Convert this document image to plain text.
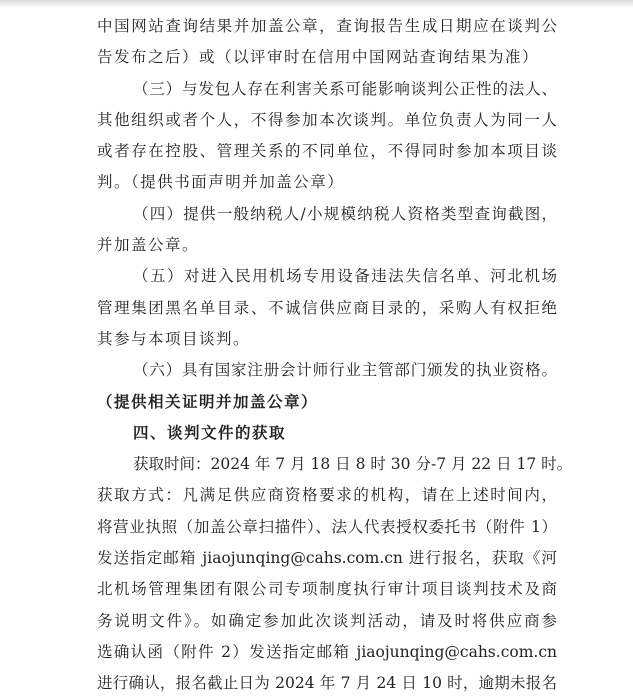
中国网站查询结果并加盖公章，查询报告生成日期应在谈判公
告发布之后）或（以评审时在信用中国网站查询结果为准）
（三）与发包人存在利害关系可能影响谈判公正性的法人、
其他组织或者个人，不得参加本次谈判。单位负责人为同一人
或者存在控股、管理关系的不同单位，不得同时参加本项目谈
判。（提供书面声明并加盖公章）
（四）提供一般纳税人/小规模纳税人资格类型查询截图，
并加盖公章。
（五）对进入民用机场专用设备违法失信名单、河北机场
管理集团黑名单目录、不诚信供应商目录的，采购人有权拒绝
其参与本项目谈判。
（六）具有国家注册会计师行业主管部门颁发的执业资格。
（提供相关证明并加盖公章）
四、谈判文件的获取
获取时间：2024 年 7 月 18 日 8 时 30 分-7 月 22 日 17 时。
获取方式：凡满足供应商资格要求的机构，请在上述时间内，
将营业执照（加盖公章扫描件）、法人代表授权委托书（附件 1）
发送指定邮箱 jiaojunqing@cahs.com.cn 进行报名，获取《河
北机场管理集团有限公司专项制度执行审计项目谈判技术及商
务说明文件》。如确定参加此次谈判活动，请及时将供应商参
选确认函（附件 2）发送指定邮箱 jiaojunqing@cahs.com.cn
进行确认，报名截止日为 2024 年 7 月 24 日 10 时，逾期未报名
